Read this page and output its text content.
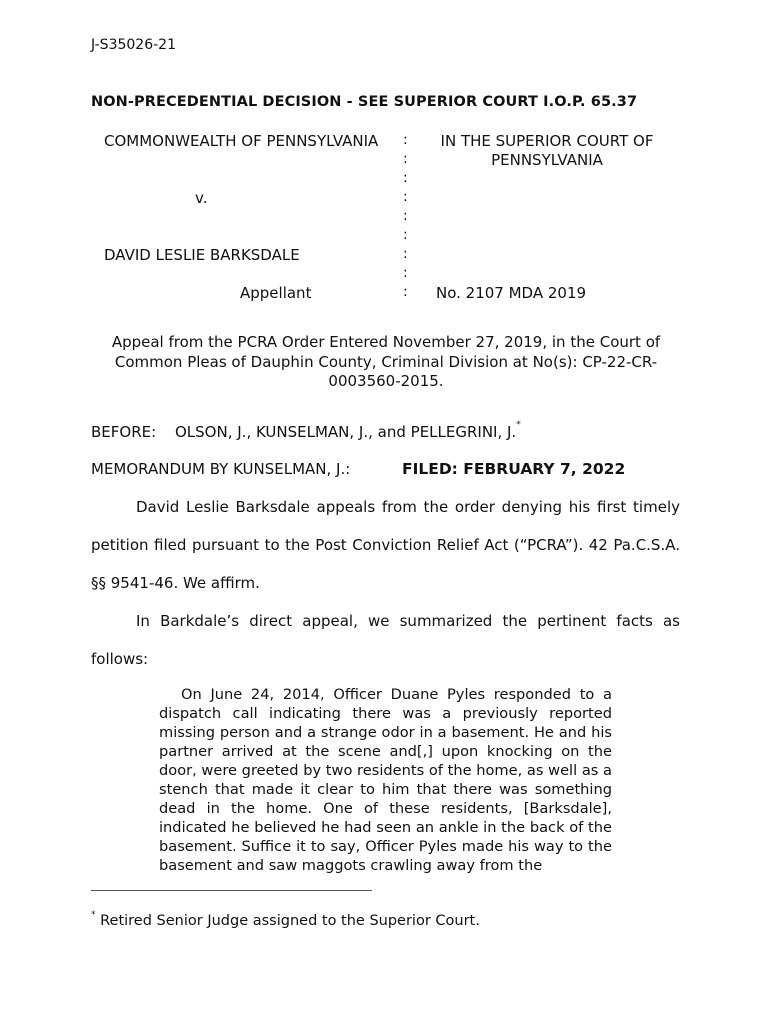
J-S35026-21
NON-PRECEDENTIAL DECISION - SEE SUPERIOR COURT I.O.P. 65.37
COMMONWEALTH OF PENNSYLVANIA
v.
DAVID LESLIE BARKSDALE
Appellant
:
:
:
:
:
:
:
:
:
IN THE SUPERIOR COURT OF PENNSYLVANIA
No. 2107 MDA 2019
Appeal from the PCRA Order Entered November 27, 2019, in the Court of Common Pleas of Dauphin County, Criminal Division at No(s): CP-22-CR-0003560-2015.
BEFORE: OLSON, J., KUNSELMAN, J., and PELLEGRINI, J.*
MEMORANDUM BY KUNSELMAN, J.:	FILED: FEBRUARY 7, 2022
David Leslie Barksdale appeals from the order denying his first timely petition filed pursuant to the Post Conviction Relief Act (“PCRA”). 42 Pa.C.S.A. §§ 9541-46. We affirm.
In Barkdale’s direct appeal, we summarized the pertinent facts as follows:
On June 24, 2014, Officer Duane Pyles responded to a dispatch call indicating there was a previously reported missing person and a strange odor in a basement. He and his partner arrived at the scene and[,] upon knocking on the door, were greeted by two residents of the home, as well as a stench that made it clear to him that there was something dead in the home. One of these residents, [Barksdale], indicated he believed he had seen an ankle in the back of the basement. Suffice it to say, Officer Pyles made his way to the basement and saw maggots crawling away from the
* Retired Senior Judge assigned to the Superior Court.
